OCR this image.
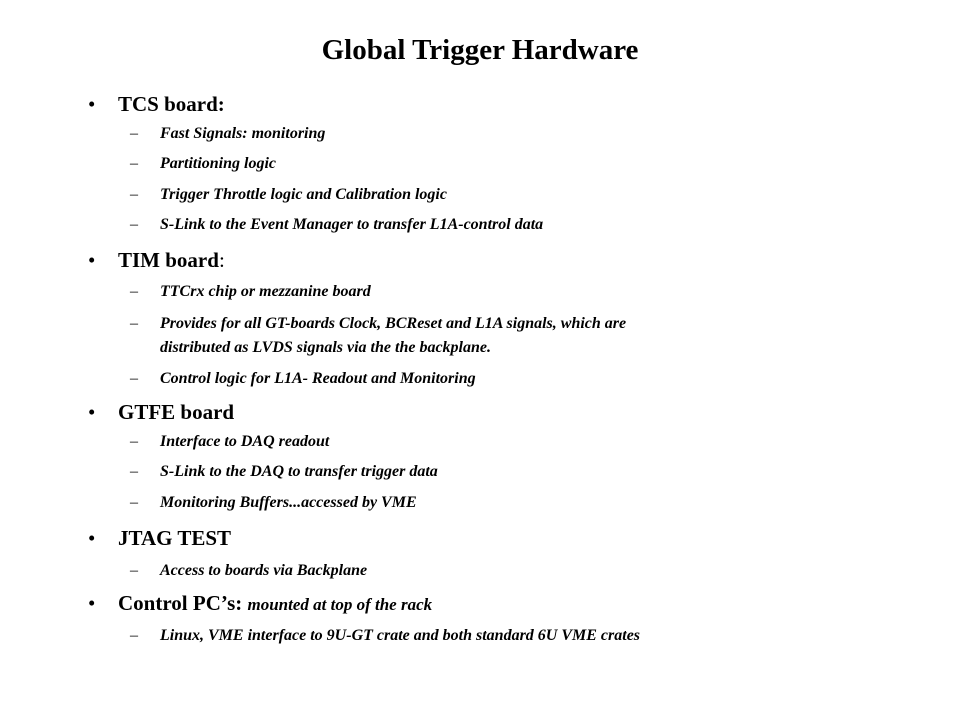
Global Trigger Hardware
• TCS board:
– Fast Signals: monitoring
– Partitioning logic
– Trigger Throttle logic and Calibration logic
– S-Link to the Event Manager to transfer L1A-control data
• TIM board:
– TTCrx chip or mezzanine board
– Provides for all GT-boards Clock, BCReset and L1A signals, which are
distributed as LVDS signals via the the backplane.
– Control logic for L1A- Readout and Monitoring
• GTFE board
– Interface to DAQ readout
– S-Link to the DAQ to transfer trigger data
– Monitoring Buffers...accessed by VME
• JTAG TEST
– Access to boards via Backplane
• Control PC’s: mounted at top of the rack
– Linux, VME interface to 9U-GT crate and both standard 6U VME crates
